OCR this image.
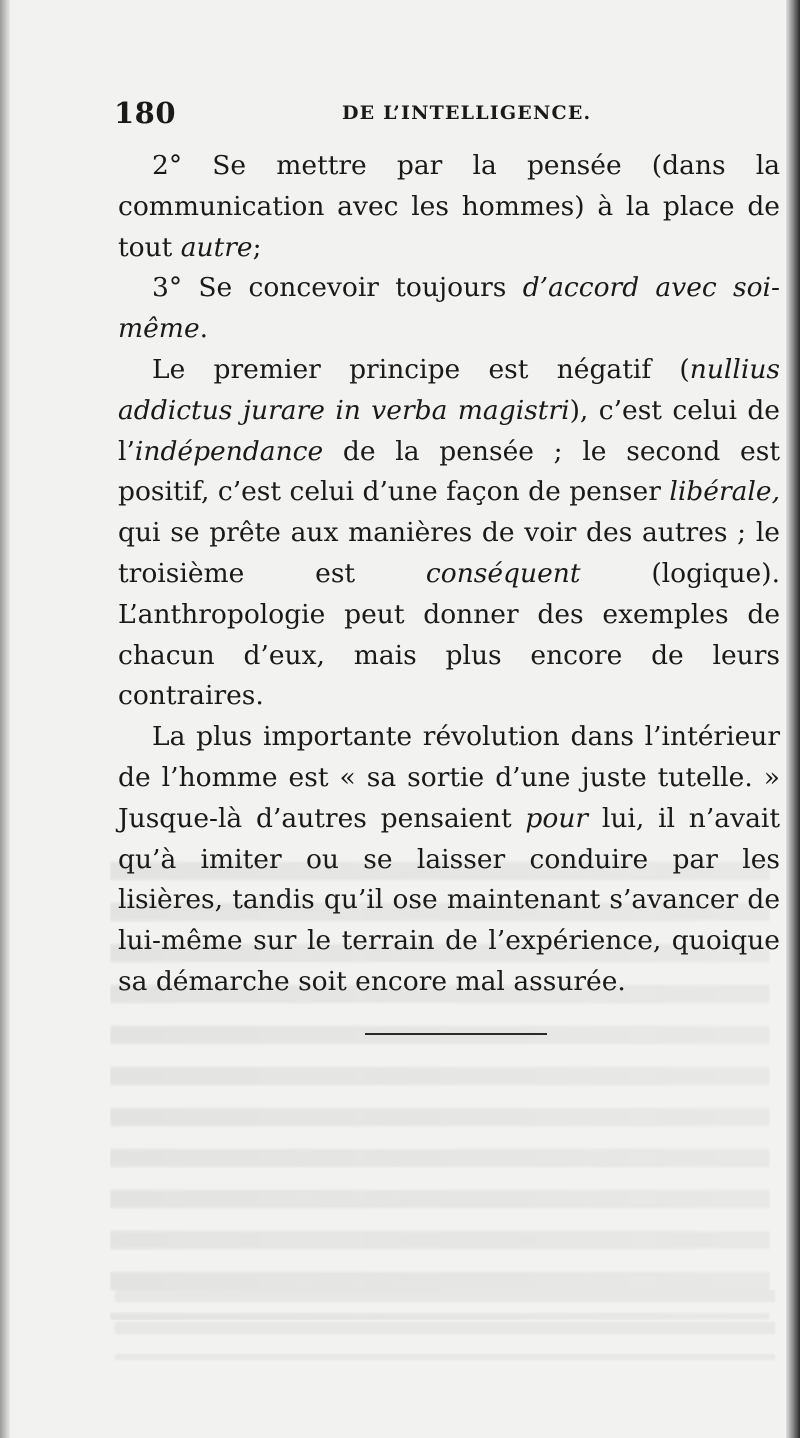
180	DE L’INTELLIGENCE.

2° Se mettre par la pensée (dans la communication avec les hommes) à la place de tout autre;

3° Se concevoir toujours d’accord avec soi-même.

Le premier principe est négatif (nullius addictus jurare in verba magistri), c’est celui de l’indépendance de la pensée ; le second est positif, c’est celui d’une façon de penser libérale, qui se prête aux manières de voir des autres ; le troisième est conséquent (logique). L’anthropologie peut donner des exemples de chacun d’eux, mais plus encore de leurs contraires.

La plus importante révolution dans l’intérieur de l’homme est « sa sortie d’une juste tutelle. » Jusque-là d’autres pensaient pour lui, il n’avait qu’à imiter ou se laisser conduire par les lisières, tandis qu’il ose maintenant s’avancer de lui-même sur le terrain de l’expérience, quoique sa démarche soit encore mal assurée.
